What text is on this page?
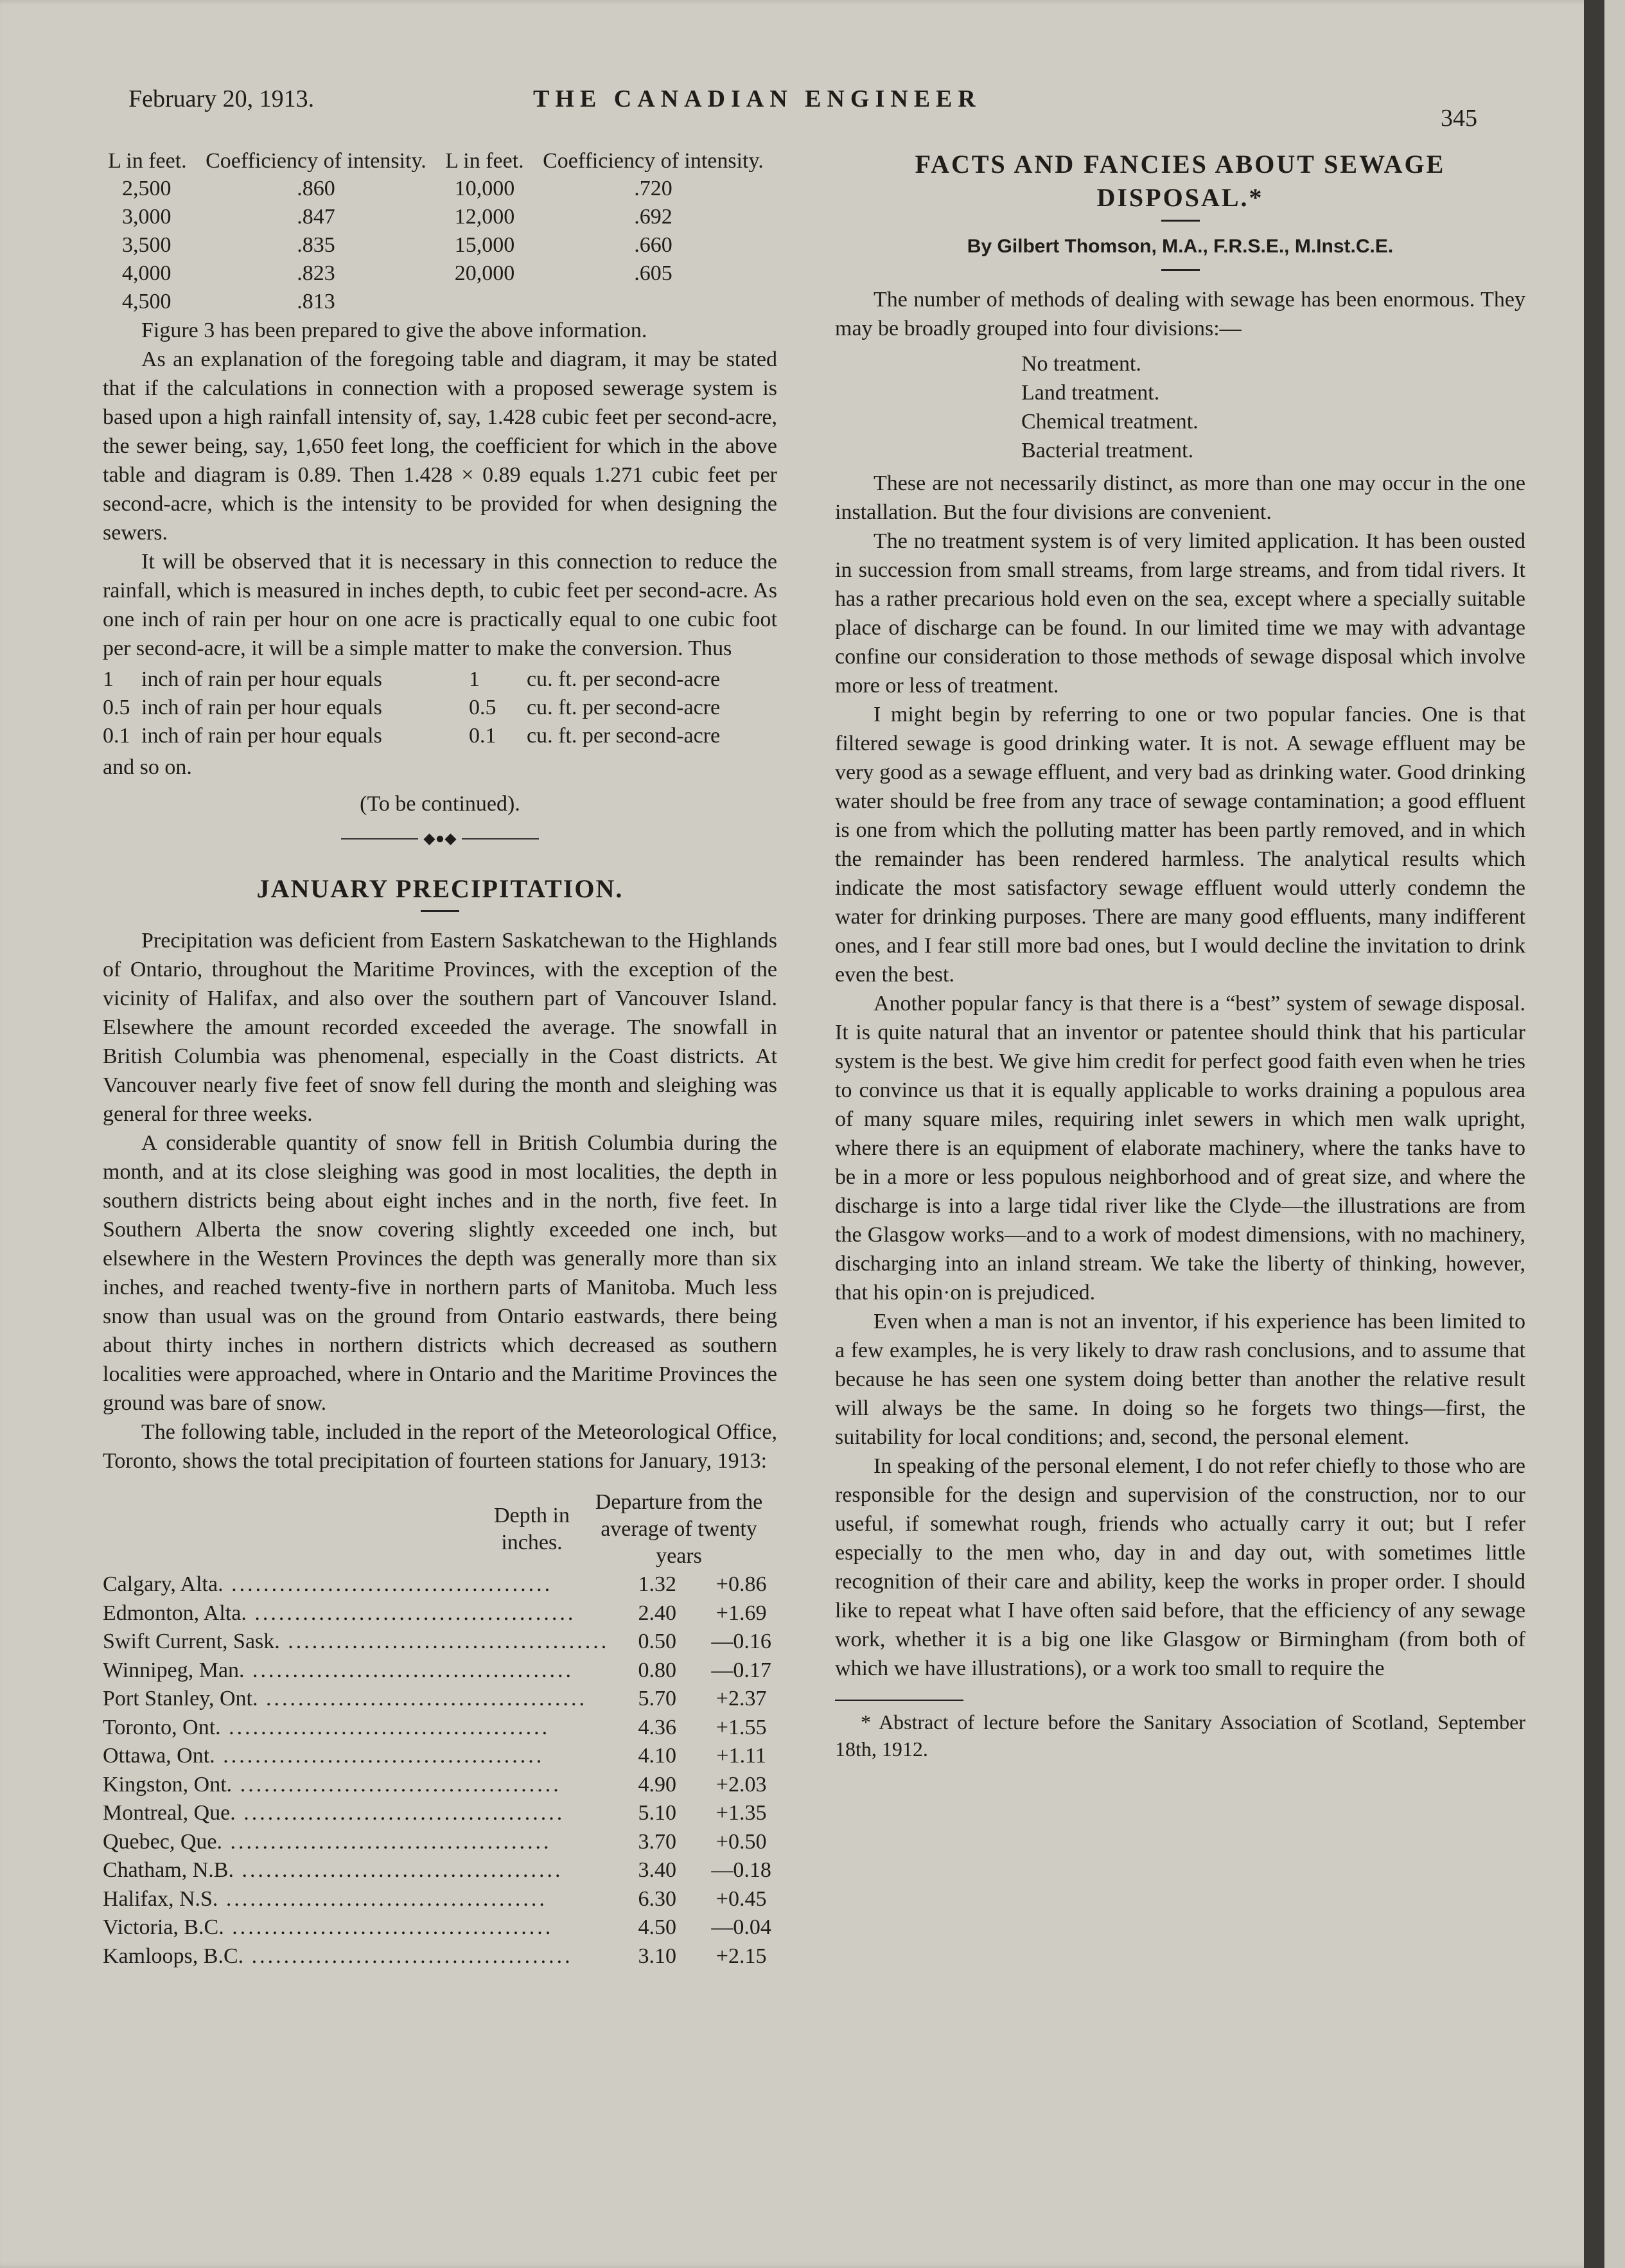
February 20, 1913.	THE CANADIAN ENGINEER
345
L in feet.	Coefficiency of intensity.	L in feet.	Coefficiency of intensity.
2,500	.860	10,000	.720
3,000	.847	12,000	.692
3,500	.835	15,000	.660
4,000	.823	20,000	.605
4,500	.813		

Figure 3 has been prepared to give the above information.

As an explanation of the foregoing table and diagram, it may be stated that if the calculations in connection with a proposed sewerage system is based upon a high rainfall intensity of, say, 1.428 cubic feet per second-acre, the sewer being, say, 1,650 feet long, the coefficient for which in the above table and diagram is 0.89. Then 1.428 × 0.89 equals 1.271 cubic feet per second-acre, which is the intensity to be provided for when designing the sewers.

It will be observed that it is necessary in this connection to reduce the rainfall, which is measured in inches depth, to cubic feet per second-acre. As one inch of rain per hour on one acre is practically equal to one cubic foot per second-acre, it will be a simple matter to make the conversion. Thus

1	inch of rain per hour equals	1	cu. ft. per second-acre
0.5	inch of rain per hour equals	0.5	cu. ft. per second-acre
0.1	inch of rain per hour equals	0.1	cu. ft. per second-acre

and so on.

(To be continued).
◆●◆
JANUARY PRECIPITATION.

Precipitation was deficient from Eastern Saskatchewan to the Highlands of Ontario, throughout the Maritime Provinces, with the exception of the vicinity of Halifax, and also over the southern part of Vancouver Island. Elsewhere the amount recorded exceeded the average. The snowfall in British Columbia was phenomenal, especially in the Coast districts. At Vancouver nearly five feet of snow fell during the month and sleighing was general for three weeks.

A considerable quantity of snow fell in British Columbia during the month, and at its close sleighing was good in most localities, the depth in southern districts being about eight inches and in the north, five feet. In Southern Alberta the snow covering slightly exceeded one inch, but elsewhere in the Western Provinces the depth was generally more than six inches, and reached twenty-five in northern parts of Manitoba. Much less snow than usual was on the ground from Ontario eastwards, there being about thirty inches in northern districts which decreased as southern localities were approached, where in Ontario and the Maritime Provinces the ground was bare of snow.

The following table, included in the report of the Meteorological Office, Toronto, shows the total precipitation of fourteen stations for January, 1913:

	Depth in inches.	Departure from the average of twenty years
Calgary, Alta. ........................................	1.32	+0.86
Edmonton, Alta. ........................................	2.40	+1.69
Swift Current, Sask. ........................................	0.50	—0.16
Winnipeg, Man. ........................................	0.80	—0.17
Port Stanley, Ont. ........................................	5.70	+2.37
Toronto, Ont. ........................................	4.36	+1.55
Ottawa, Ont. ........................................	4.10	+1.11
Kingston, Ont. ........................................	4.90	+2.03
Montreal, Que. ........................................	5.10	+1.35
Quebec, Que. ........................................	3.70	+0.50
Chatham, N.B. ........................................	3.40	—0.18
Halifax, N.S. ........................................	6.30	+0.45
Victoria, B.C. ........................................	4.50	—0.04
Kamloops, B.C. ........................................	3.10	+2.15
FACTS AND FANCIES ABOUT SEWAGE DISPOSAL.*
By Gilbert Thomson, M.A., F.R.S.E., M.Inst.C.E.

The number of methods of dealing with sewage has been enormous. They may be broadly grouped into four divisions:—

No treatment.
Land treatment.
Chemical treatment.
Bacterial treatment.

These are not necessarily distinct, as more than one may occur in the one installation. But the four divisions are convenient.

The no treatment system is of very limited application. It has been ousted in succession from small streams, from large streams, and from tidal rivers. It has a rather precarious hold even on the sea, except where a specially suitable place of discharge can be found. In our limited time we may with advantage confine our consideration to those methods of sewage disposal which involve more or less of treatment.

I might begin by referring to one or two popular fancies. One is that filtered sewage is good drinking water. It is not. A sewage effluent may be very good as a sewage effluent, and very bad as drinking water. Good drinking water should be free from any trace of sewage contamination; a good effluent is one from which the polluting matter has been partly removed, and in which the remainder has been rendered harmless. The analytical results which indicate the most satisfactory sewage effluent would utterly condemn the water for drinking purposes. There are many good effluents, many indifferent ones, and I fear still more bad ones, but I would decline the invitation to drink even the best.

Another popular fancy is that there is a “best” system of sewage disposal. It is quite natural that an inventor or patentee should think that his particular system is the best. We give him credit for perfect good faith even when he tries to convince us that it is equally applicable to works draining a populous area of many square miles, requiring inlet sewers in which men walk upright, where there is an equipment of elaborate machinery, where the tanks have to be in a more or less populous neighborhood and of great size, and where the discharge is into a large tidal river like the Clyde—the illustrations are from the Glasgow works—and to a work of modest dimensions, with no machinery, discharging into an inland stream. We take the liberty of thinking, however, that his opin·on is prejudiced.

Even when a man is not an inventor, if his experience has been limited to a few examples, he is very likely to draw rash conclusions, and to assume that because he has seen one system doing better than another the relative result will always be the same. In doing so he forgets two things—first, the suitability for local conditions; and, second, the personal element.

In speaking of the personal element, I do not refer chiefly to those who are responsible for the design and supervision of the construction, nor to our useful, if somewhat rough, friends who actually carry it out; but I refer especially to the men who, day in and day out, with sometimes little recognition of their care and ability, keep the works in proper order. I should like to repeat what I have often said before, that the efficiency of any sewage work, whether it is a big one like Glasgow or Birmingham (from both of which we have illustrations), or a work too small to require the

* Abstract of lecture before the Sanitary Association of Scotland, September 18th, 1912.
